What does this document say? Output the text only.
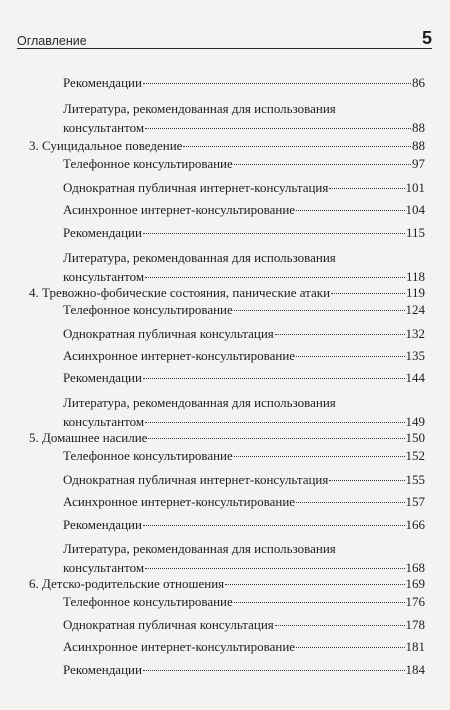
Оглавление	5
Рекомендации	86
Литература, рекомендованная для использования
консультантом	88
3. Суицидальное поведение	88
Телефонное консультирование	97
Однократная публичная интернет-консультация	101
Асинхронное интернет-консультирование	104
Рекомендации	115
Литература, рекомендованная для использования
консультантом	118
4. Тревожно-фобические состояния, панические атаки	119
Телефонное консультирование	124
Однократная публичная консультация	132
Асинхронное интернет-консультирование	135
Рекомендации	144
Литература, рекомендованная для использования
консультантом	149
5. Домашнее насилие	150
Телефонное консультирование	152
Однократная публичная интернет-консультация	155
Асинхронное интернет-консультирование	157
Рекомендации	166
Литература, рекомендованная для использования
консультантом	168
6. Детско-родительские отношения	169
Телефонное консультирование	176
Однократная публичная консультация	178
Асинхронное интернет-консультирование	181
Рекомендации	184
